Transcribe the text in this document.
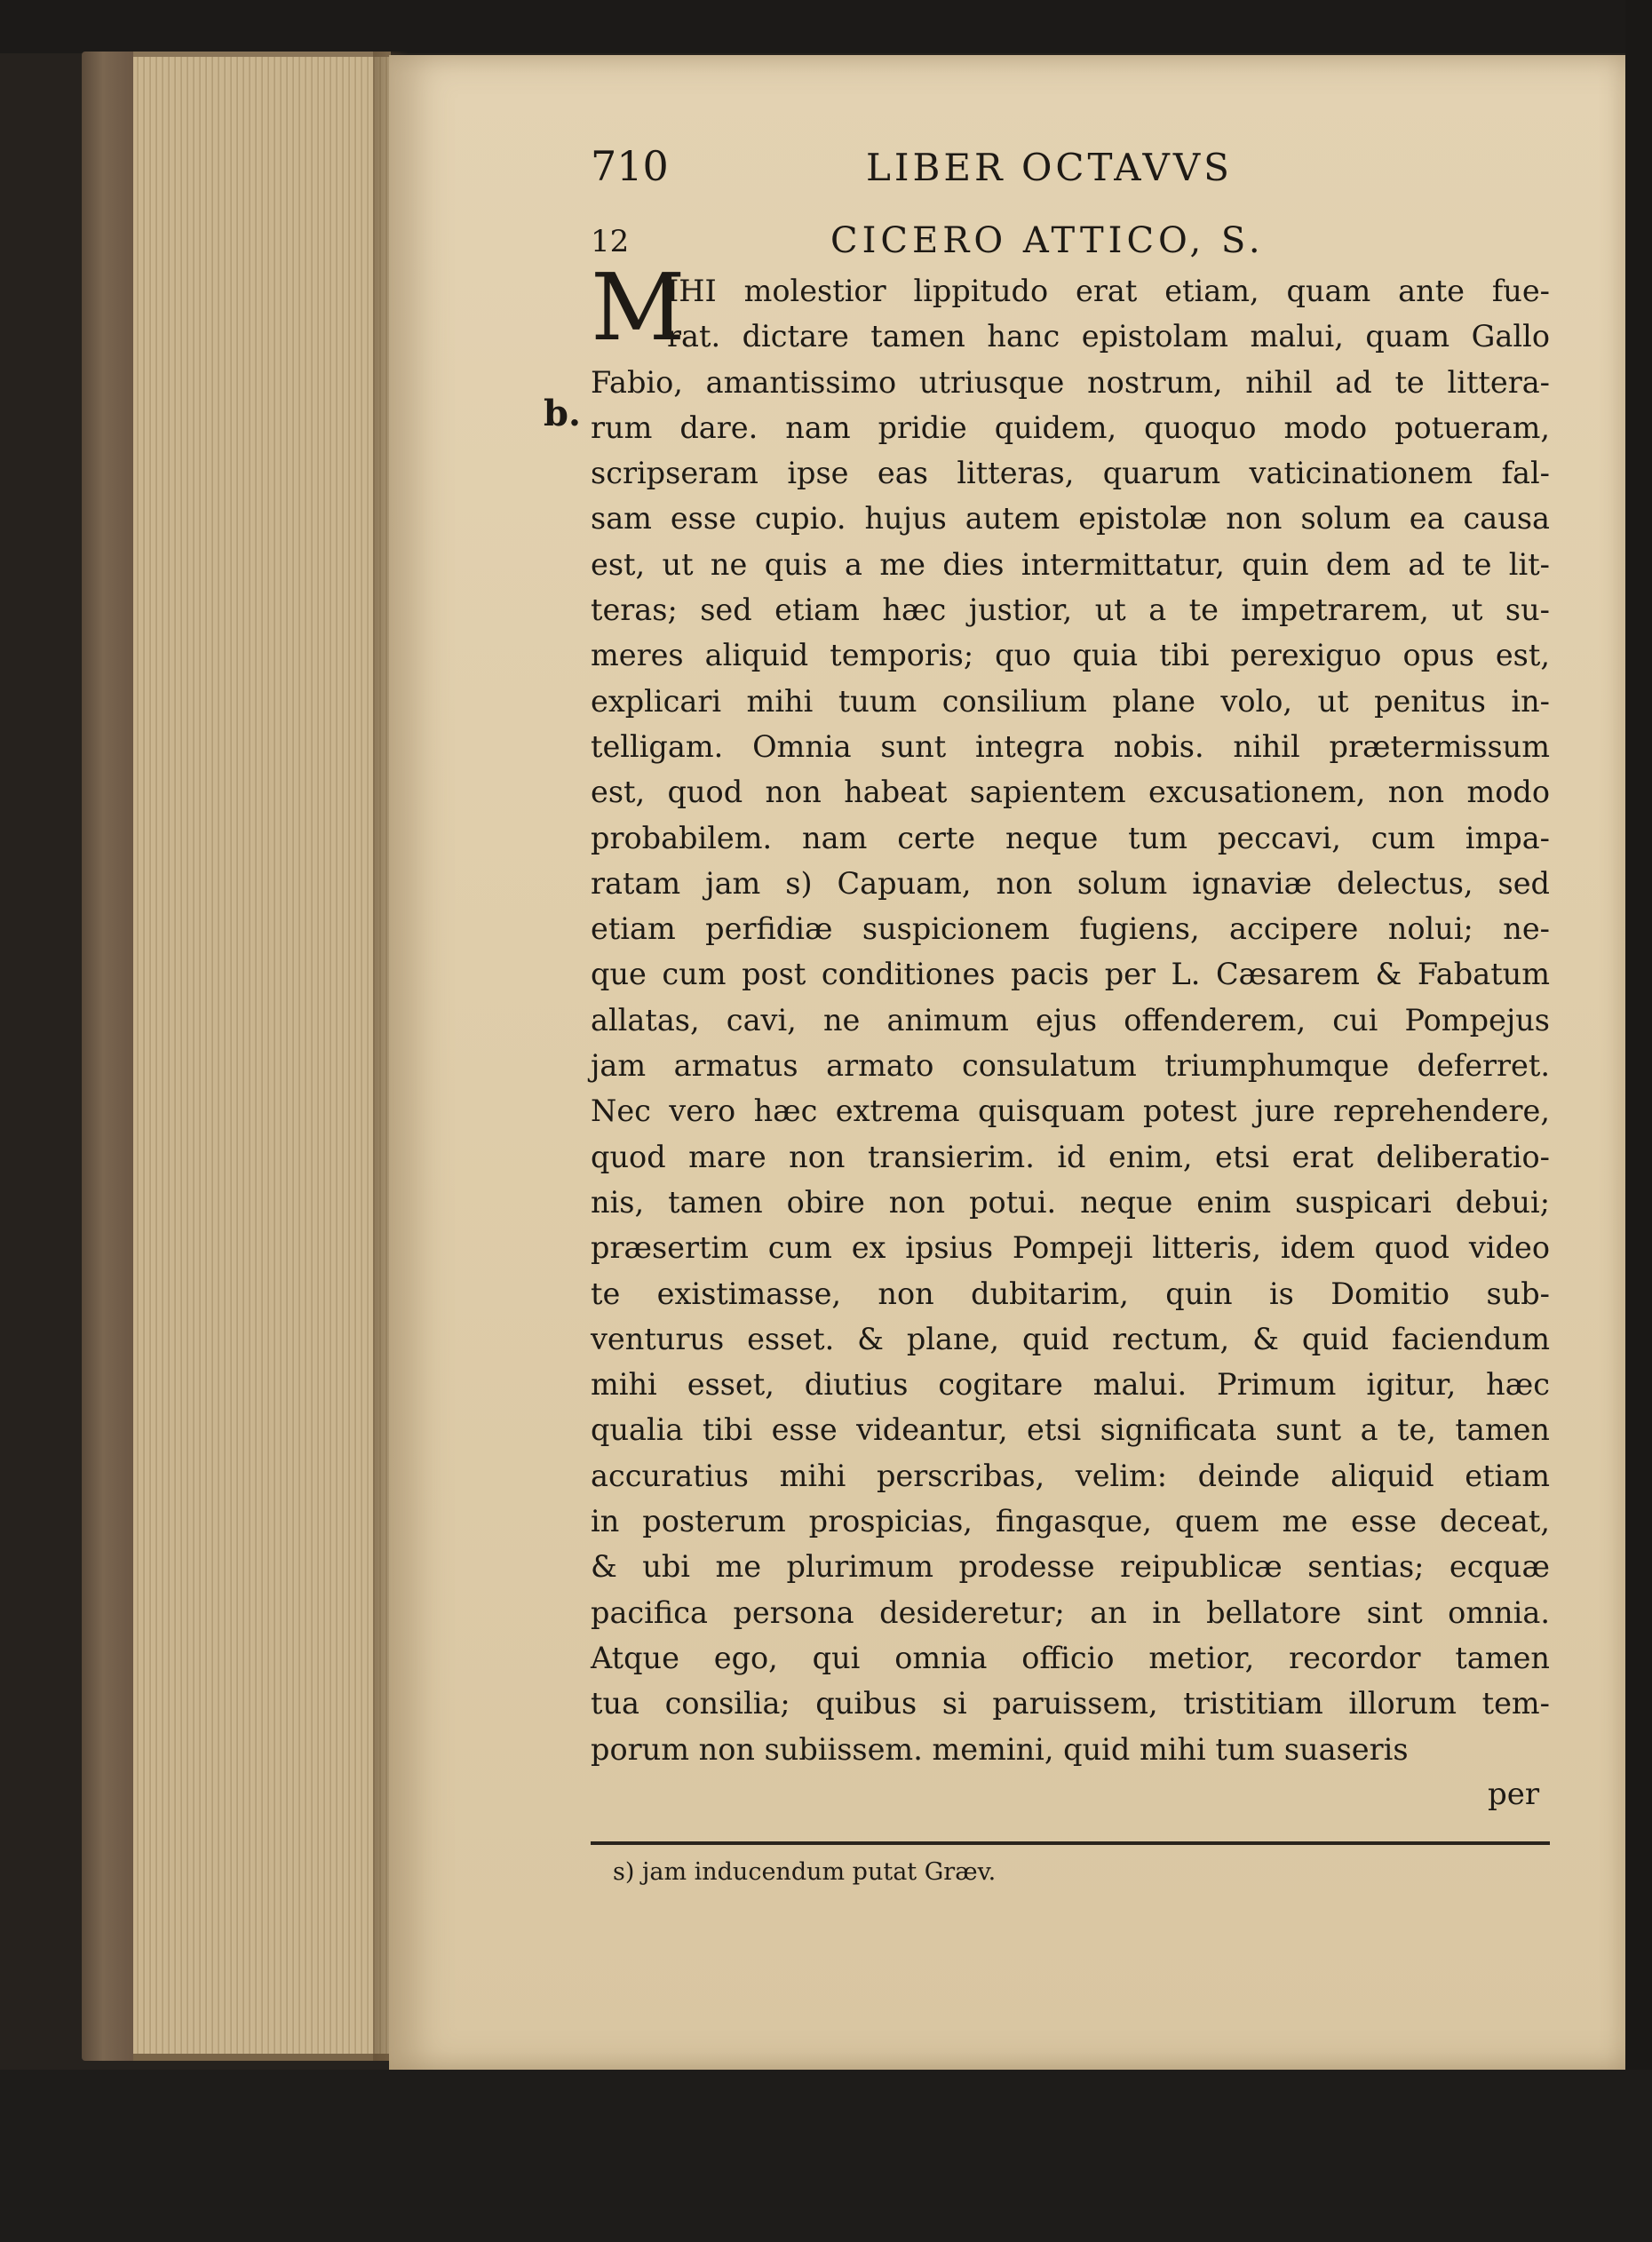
710	LIBER OCTAVVS
12	CICERO ATTICO, S.
b.
M
IHI molestior lippitudo erat etiam, quam ante fue-
rat. dictare tamen hanc epistolam malui, quam Gallo
Fabio, amantissimo utriusque nostrum, nihil ad te littera-
rum dare. nam pridie quidem, quoquo modo potueram,
scripseram ipse eas litteras, quarum vaticinationem fal-
sam esse cupio. hujus autem epistolæ non solum ea causa
est, ut ne quis a me dies intermittatur, quin dem ad te lit-
teras; sed etiam hæc justior, ut a te impetrarem, ut su-
meres aliquid temporis; quo quia tibi perexiguo opus est,
explicari mihi tuum consilium plane volo, ut penitus in-
telligam. Omnia sunt integra nobis. nihil prætermissum
est, quod non habeat sapientem excusationem, non modo
probabilem. nam certe neque tum peccavi, cum impa-
ratam jam s) Capuam, non solum ignaviæ delectus, sed
etiam perfidiæ suspicionem fugiens, accipere nolui; ne-
que cum post conditiones pacis per L. Cæsarem & Fabatum
allatas, cavi, ne animum ejus offenderem, cui Pompejus
jam armatus armato consulatum triumphumque deferret.
Nec vero hæc extrema quisquam potest jure reprehendere,
quod mare non transierim. id enim, etsi erat deliberatio-
nis, tamen obire non potui. neque enim suspicari debui;
præsertim cum ex ipsius Pompeji litteris, idem quod video
te existimasse, non dubitarim, quin is Domitio sub-
venturus esset. & plane, quid rectum, & quid faciendum
mihi esset, diutius cogitare malui. Primum igitur, hæc
qualia tibi esse videantur, etsi significata sunt a te, tamen
accuratius mihi perscribas, velim: deinde aliquid etiam
in posterum prospicias, fingasque, quem me esse deceat,
& ubi me plurimum prodesse reipublicæ sentias; ecquæ
pacifica persona desideretur; an in bellatore sint omnia.
Atque ego, qui omnia officio metior, recordor tamen
tua consilia; quibus si paruissem, tristitiam illorum tem-
porum non subiissem. memini, quid mihi tum suaseris
per
s) jam inducendum putat Græv.
